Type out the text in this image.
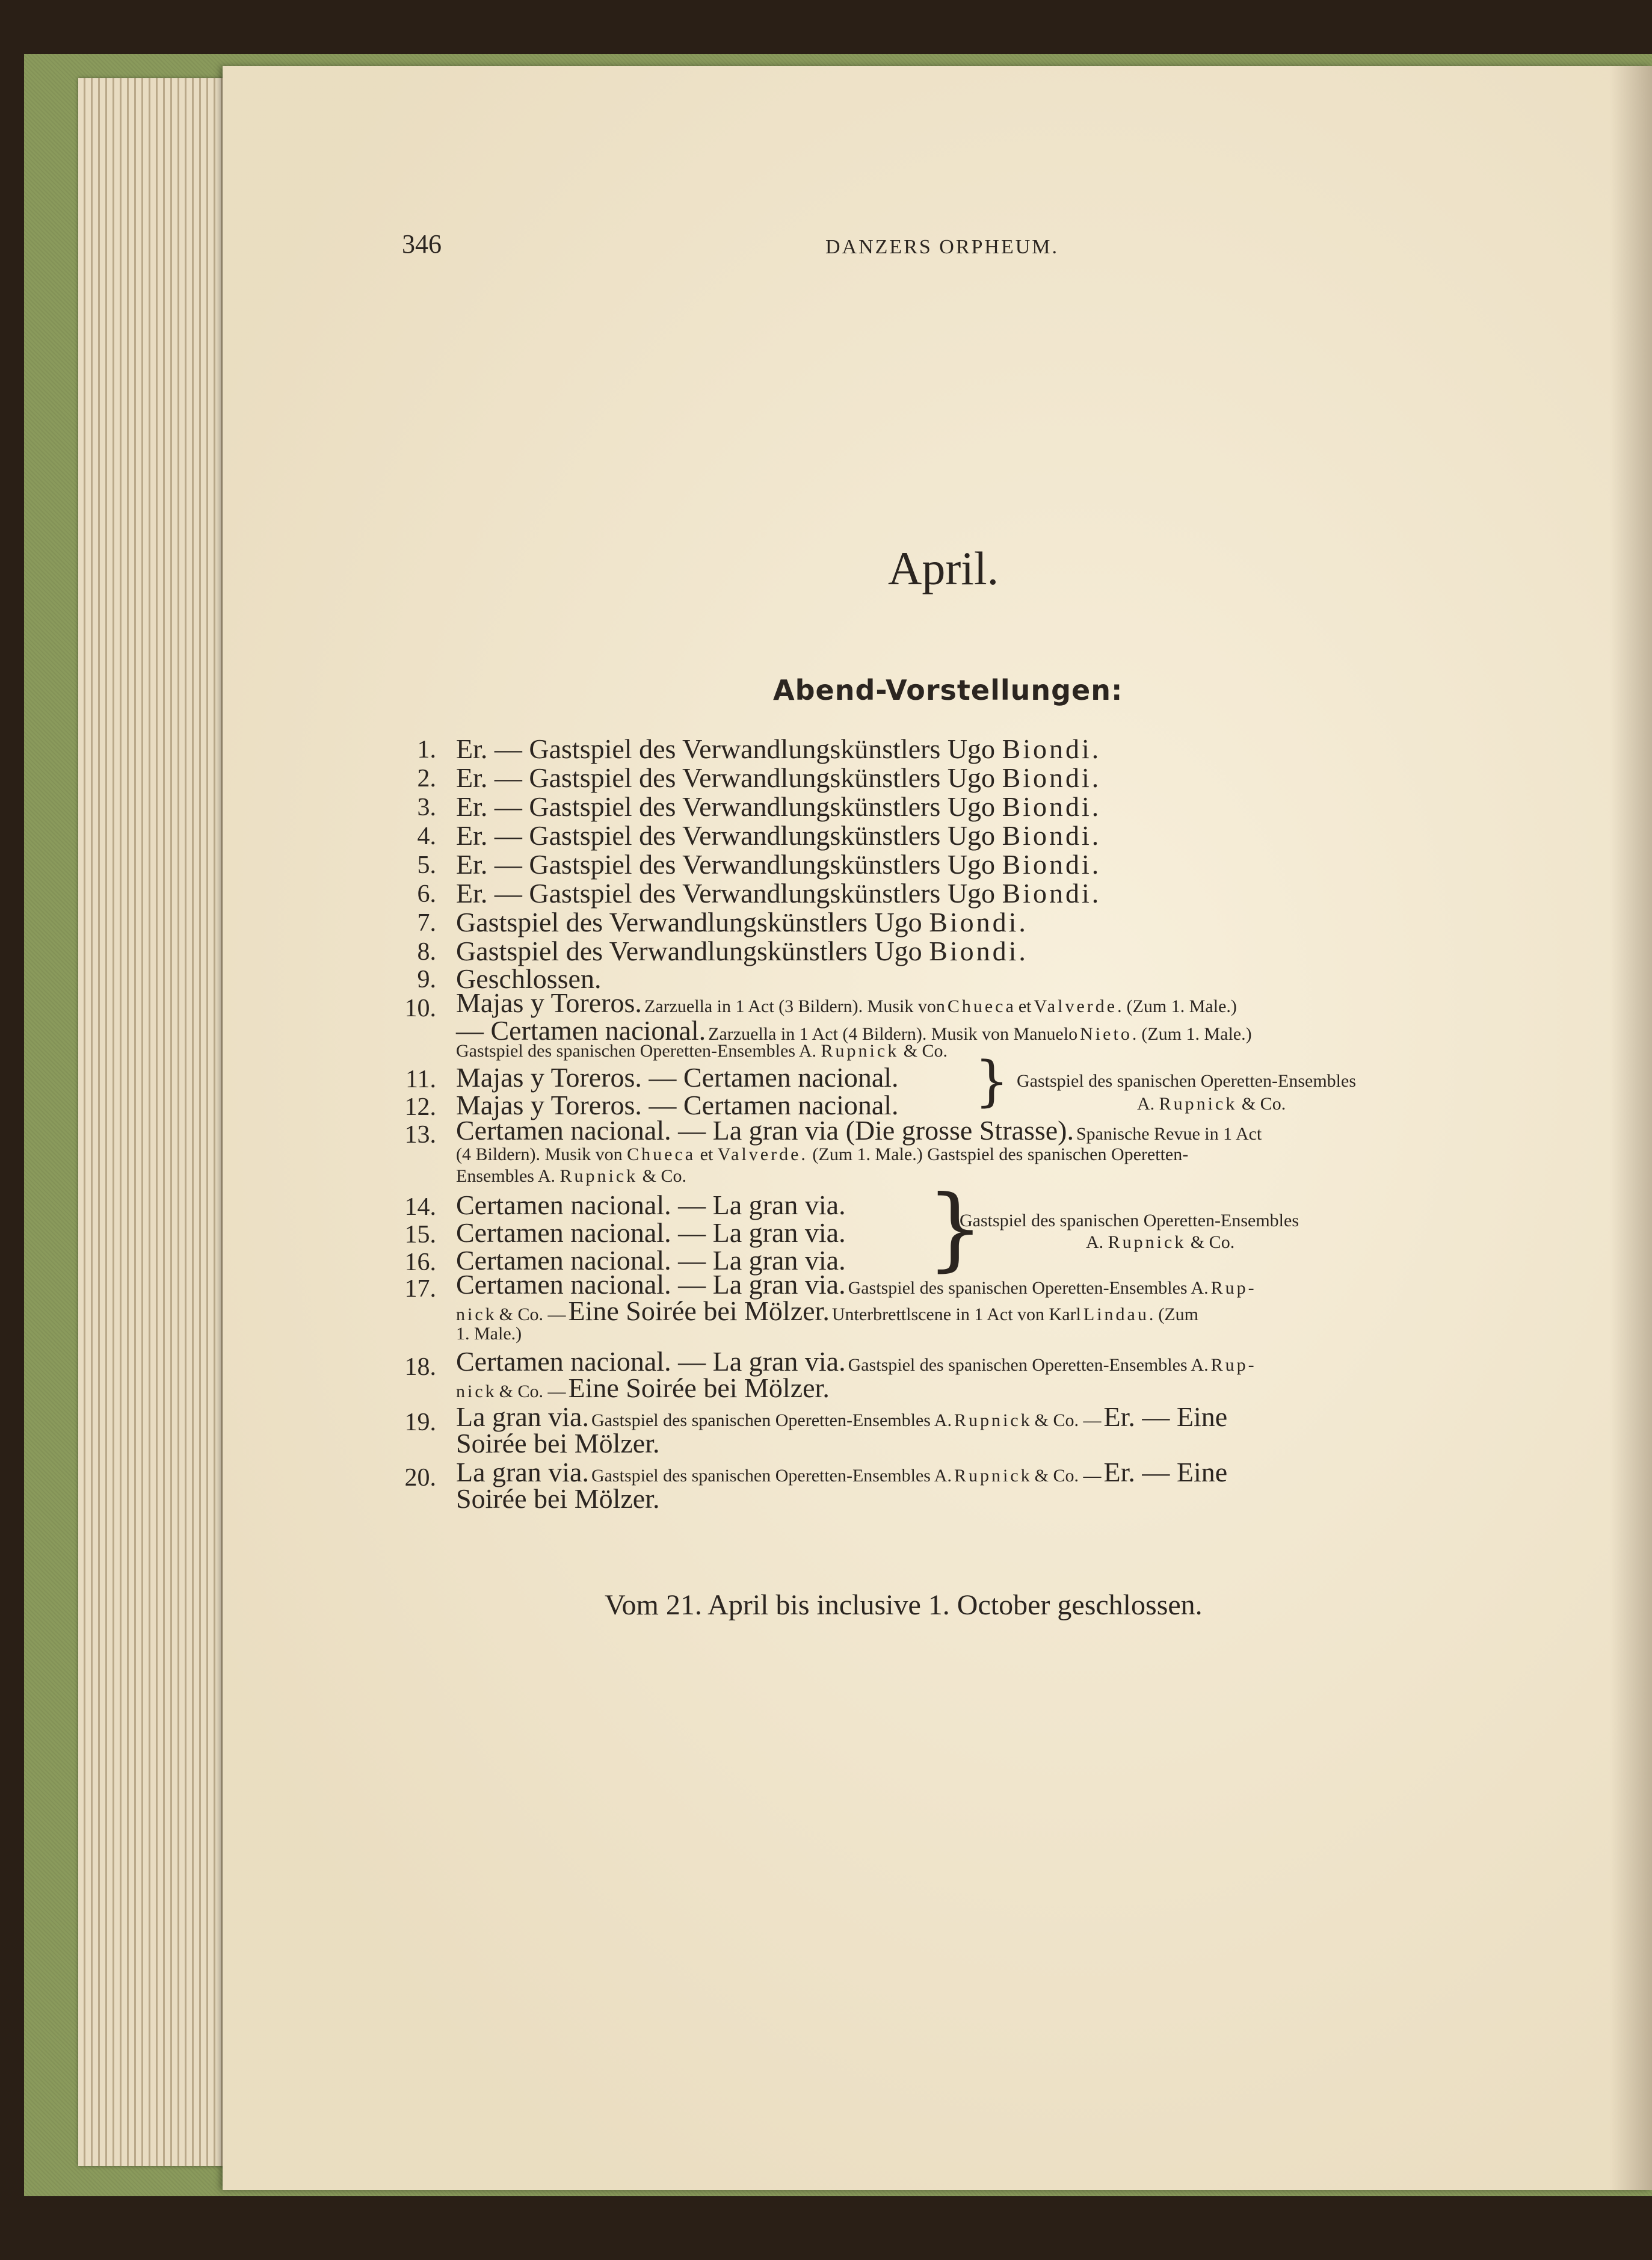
346	DANZERS ORPHEUM.
April.
Abend-Vorstellungen:
1. Er. — Gastspiel des Verwandlungskünstlers Ugo Biondi.
2. Er. — Gastspiel des Verwandlungskünstlers Ugo Biondi.
3. Er. — Gastspiel des Verwandlungskünstlers Ugo Biondi.
4. Er. — Gastspiel des Verwandlungskünstlers Ugo Biondi.
5. Er. — Gastspiel des Verwandlungskünstlers Ugo Biondi.
6. Er. — Gastspiel des Verwandlungskünstlers Ugo Biondi.
7. Gastspiel des Verwandlungskünstlers Ugo Biondi.
8. Gastspiel des Verwandlungskünstlers Ugo Biondi.
9. Geschlossen.
10. Majas y Toreros. Zarzuella in 1 Act (3 Bildern). Musik von Chueca et Valverde. (Zum 1. Male.)
— Certamen nacional. Zarzuella in 1 Act (4 Bildern). Musik von Manuelo Nieto. (Zum 1. Male.)
Gastspiel des spanischen Operetten-Ensembles A. Rupnick & Co.
11. Majas y Toreros. — Certamen nacional.
12. Majas y Toreros. — Certamen nacional. } Gastspiel des spanischen Operetten-Ensembles
A. Rupnick & Co.
13. Certamen nacional. — La gran via (Die grosse Strasse). Spanische Revue in 1 Act
(4 Bildern). Musik von Chueca et Valverde. (Zum 1. Male.) Gastspiel des spanischen Operetten-
Ensembles A. Rupnick & Co.
14. Certamen nacional. — La gran via.
15. Certamen nacional. — La gran via.
16. Certamen nacional. — La gran via. }
Gastspiel des spanischen Operetten-Ensembles
A. Rupnick & Co.
17. Certamen nacional. — La gran via. Gastspiel des spanischen Operetten-Ensembles A. Rup-
nick & Co. — Eine Soirée bei Mölzer. Unterbrettlscene in 1 Act von Karl Lindau. (Zum
1. Male.)
18. Certamen nacional. — La gran via. Gastspiel des spanischen Operetten-Ensembles A. Rup-
nick & Co. — Eine Soirée bei Mölzer.
19. La gran via. Gastspiel des spanischen Operetten-Ensembles A. Rupnick & Co. — Er. — Eine
Soirée bei Mölzer.
20. La gran via. Gastspiel des spanischen Operetten-Ensembles A. Rupnick & Co. — Er. — Eine
Soirée bei Mölzer.
Vom 21. April bis inclusive 1. October geschlossen.
